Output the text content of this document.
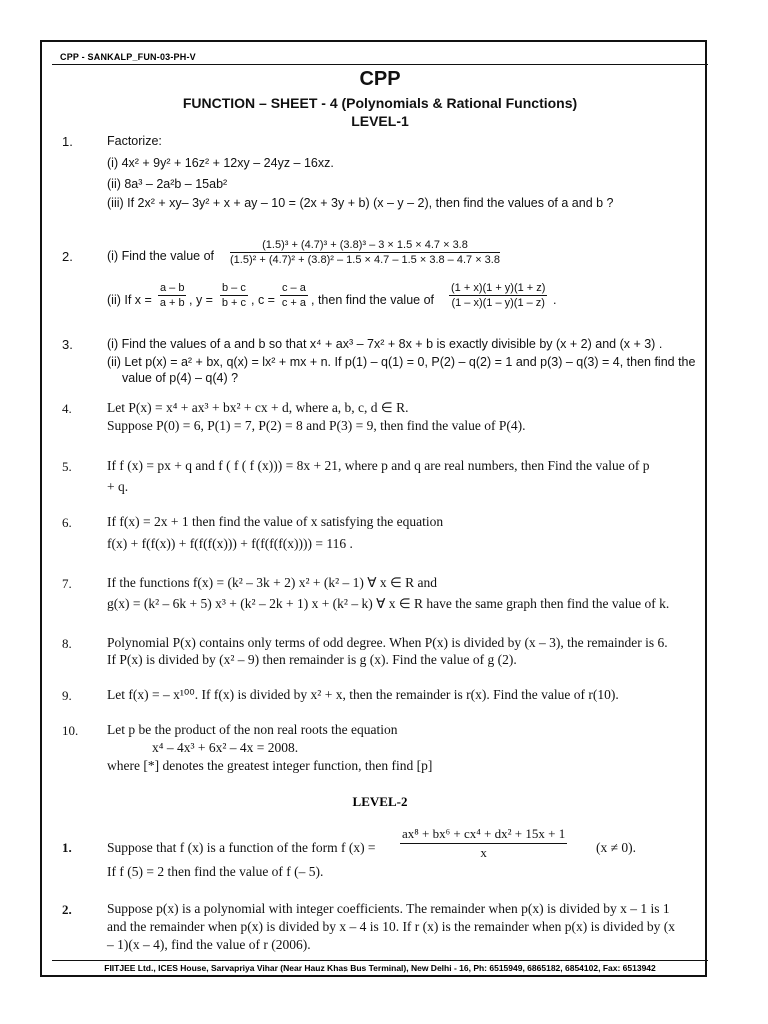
CPP - SANKALP_FUN-03-PH-V
CPP
FUNCTION – SHEET - 4 (Polynomials & Rational Functions)
LEVEL-1
1.	Factorize:
(i) 4x² + 9y² + 16z² + 12xy – 24yz – 16xz.
(ii) 8a³ – 2a²b – 15ab²
(iii) If 2x² + xy– 3y² + x + ay – 10 = (2x + 3y + b) (x – y – 2), then find the values of a and b ?
2.	(i) Find the value of $\frac{\text{(1.5)³ + (4.7)³ + (3.8)³ – 3 × 1.5 × 4.7 × 3.8}}{\text{(1.5)² + (4.7)² + (3.8)² – 1.5 × 4.7 – 1.5 × 3.8 – 4.7 × 3.8}}$
(ii) If $x = \frac{a - b}{a + b}$ , $y = \frac{b - c}{b + c}$ , $c = \frac{c - a}{c + a}$ , then find the value of $\frac{(1 + x)(1 + y)(1 + z)}{(1 - x)(1 - y)(1 - z)}$ .
3.	(i) Find the values of a and b so that x⁴ + ax³ – 7x² + 8x + b is exactly divisible by (x + 2) and (x + 3) .
(ii) Let p(x) = a² + bx, q(x) = lx² + mx + n. If p(1) – q(1) = 0, P(2) – q(2) = 1 and p(3) – q(3) = 4, then find the
value of p(4) – q(4) ?
4.	Let P(x) = x⁴ + ax³ + bx² + cx + d, where a, b, c, d ∈ R.
Suppose P(0) = 6, P(1) = 7, P(2) = 8 and P(3) = 9, then find the value of P(4).
5.	If f (x) = px + q and f ( f ( f (x))) = 8x + 21, where p and q are real numbers, then Find the value of p
+ q.
6.	If f(x) = 2x + 1 then find the value of x satisfying the equation
f(x) + f(f(x)) + f(f(f(x))) + f(f(f(f(x)))) = 116 .
7.	If the functions f(x) = (k² – 3k + 2) x² + (k² – 1) ∀ x ∈ R and
g(x) = (k² – 6k + 5) x³ + (k² – 2k + 1) x + (k² – k) ∀ x ∈ R have the same graph then find the value of k.
8.	Polynomial P(x) contains only terms of odd degree. When P(x) is divided by (x – 3), the remainder is 6.
If P(x) is divided by (x² – 9) then remainder is g (x). Find the value of g (2).
9.	Let f(x) = – x¹⁰⁰. If f(x) is divided by x² + x, then the remainder is r(x). Find the value of r(10).
10. Let p be the product of the non real roots the equation
x⁴ – 4x³ + 6x² – 4x = 2008.
where [*] denotes the greatest integer function, then find [p]
LEVEL-2
1.	Suppose that f (x) is a function of the form f $(x) = \frac{\text{ax⁸ + bx⁶ + cx⁴ + dx² + 15x + 1}}{x} (x \ne 0)$.
If f (5) = 2 then find the value of f (– 5).
2.	Suppose p(x) is a polynomial with integer coefficients. The remainder when p(x) is divided by x – 1 is 1
and the remainder when p(x) is divided by x – 4 is 10. If r (x) is the remainder when p(x) is divided by (x
– 1)(x – 4), find the value of r (2006).
FIITJEE Ltd., ICES House, Sarvapriya Vihar (Near Hauz Khas Bus Terminal), New Delhi - 16, Ph: 6515949, 6865182, 6854102, Fax: 6513942
